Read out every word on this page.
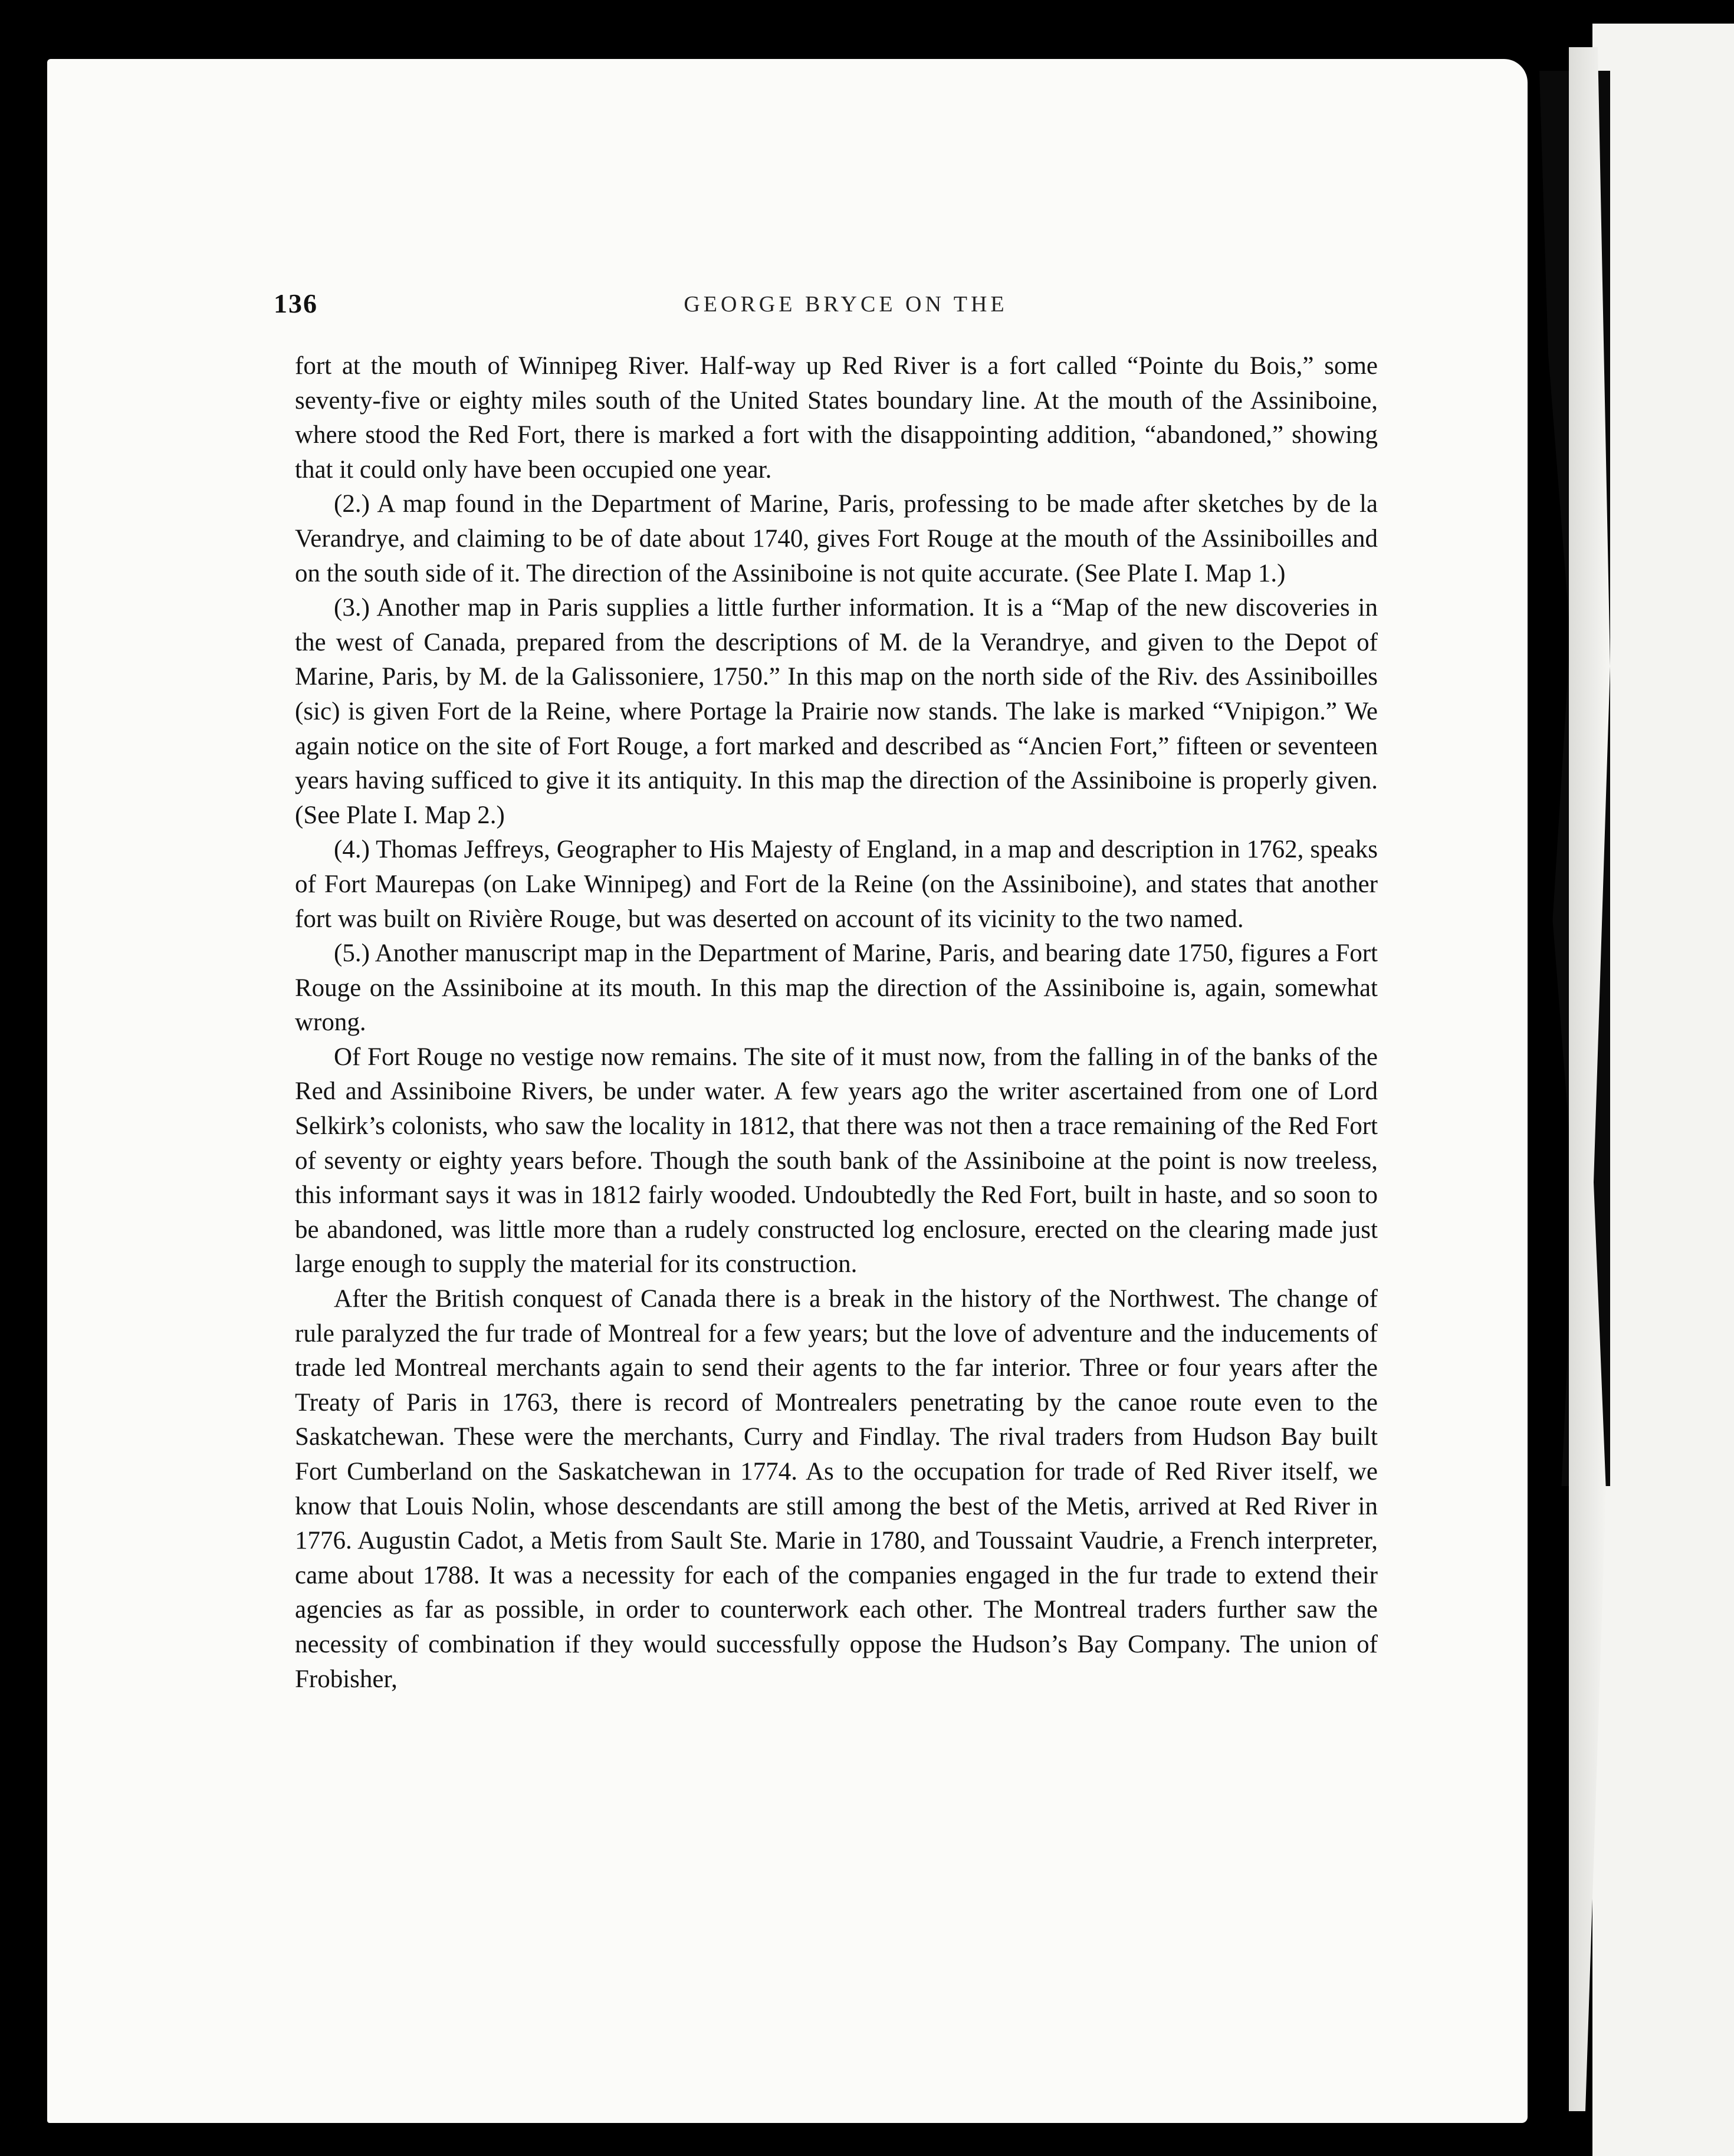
136	GEORGE BRYCE ON THE

fort at the mouth of Winnipeg River. Half-way up Red River is a fort called “Pointe du Bois,” some seventy-five or eighty miles south of the United States boundary line. At the mouth of the Assiniboine, where stood the Red Fort, there is marked a fort with the disappointing addition, “abandoned,” showing that it could only have been occupied one year.

(2.) A map found in the Department of Marine, Paris, professing to be made after sketches by de la Verandrye, and claiming to be of date about 1740, gives Fort Rouge at the mouth of the Assiniboilles and on the south side of it. The direction of the Assiniboine is not quite accurate. (See Plate I. Map 1.)

(3.) Another map in Paris supplies a little further information. It is a “Map of the new discoveries in the west of Canada, prepared from the descriptions of M. de la Verandrye, and given to the Depot of Marine, Paris, by M. de la Galissoniere, 1750.” In this map on the north side of the Riv. des Assiniboilles (sic) is given Fort de la Reine, where Portage la Prairie now stands. The lake is marked “Vnipigon.” We again notice on the site of Fort Rouge, a fort marked and described as “Ancien Fort,” fifteen or seventeen years having sufficed to give it its antiquity. In this map the direction of the Assiniboine is properly given. (See Plate I. Map 2.)

(4.) Thomas Jeffreys, Geographer to His Majesty of England, in a map and description in 1762, speaks of Fort Maurepas (on Lake Winnipeg) and Fort de la Reine (on the Assiniboine), and states that another fort was built on Rivière Rouge, but was deserted on account of its vicinity to the two named.

(5.) Another manuscript map in the Department of Marine, Paris, and bearing date 1750, figures a Fort Rouge on the Assiniboine at its mouth. In this map the direction of the Assiniboine is, again, somewhat wrong.

Of Fort Rouge no vestige now remains. The site of it must now, from the falling in of the banks of the Red and Assiniboine Rivers, be under water. A few years ago the writer ascertained from one of Lord Selkirk’s colonists, who saw the locality in 1812, that there was not then a trace remaining of the Red Fort of seventy or eighty years before. Though the south bank of the Assiniboine at the point is now treeless, this informant says it was in 1812 fairly wooded. Undoubtedly the Red Fort, built in haste, and so soon to be abandoned, was little more than a rudely constructed log enclosure, erected on the clearing made just large enough to supply the material for its construction.

After the British conquest of Canada there is a break in the history of the Northwest. The change of rule paralyzed the fur trade of Montreal for a few years; but the love of adventure and the inducements of trade led Montreal merchants again to send their agents to the far interior. Three or four years after the Treaty of Paris in 1763, there is record of Montrealers penetrating by the canoe route even to the Saskatchewan. These were the merchants, Curry and Findlay. The rival traders from Hudson Bay built Fort Cumberland on the Saskatchewan in 1774. As to the occupation for trade of Red River itself, we know that Louis Nolin, whose descendants are still among the best of the Metis, arrived at Red River in 1776. Augustin Cadot, a Metis from Sault Ste. Marie in 1780, and Toussaint Vaudrie, a French interpreter, came about 1788. It was a necessity for each of the companies engaged in the fur trade to extend their agencies as far as possible, in order to counterwork each other. The Montreal traders further saw the necessity of combination if they would successfully oppose the Hudson’s Bay Company. The union of Frobisher,
